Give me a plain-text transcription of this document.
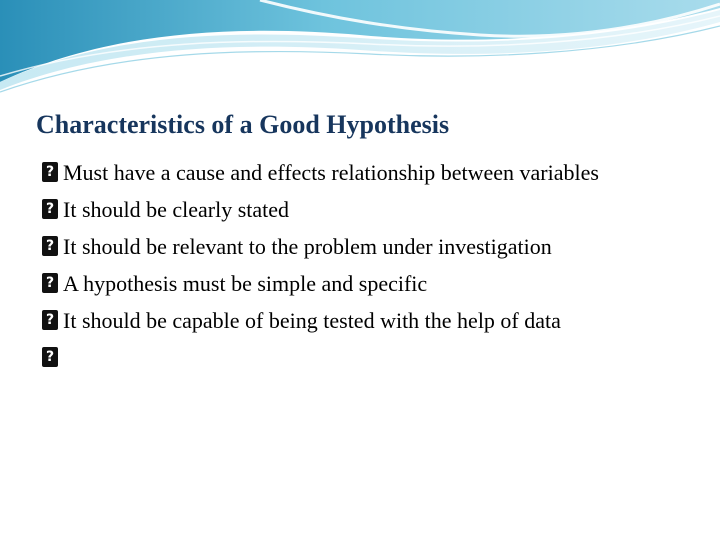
Characteristics of a Good Hypothesis
? Must have a cause and effects relationship between variables
? It should be clearly stated
? It should be relevant to the problem under investigation
? A hypothesis must be simple and specific
? It should be capable of being tested with the help of data
?
